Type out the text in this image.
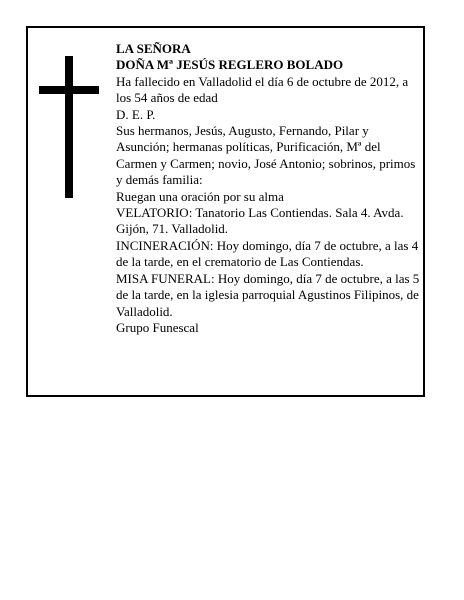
LA SEÑORA
DOÑA Mª JESÚS REGLERO BOLADO
Ha fallecido en Valladolid el día 6 de octubre de 2012, a los 54 años de edad
D. E. P.
Sus hermanos, Jesús, Augusto, Fernando, Pilar y Asunción; hermanas políticas, Purificación, Mª del Carmen y Carmen; novio, José Antonio; sobrinos, primos y demás familia:
Ruegan una oración por su alma
VELATORIO: Tanatorio Las Contiendas. Sala 4. Avda. Gijón, 71. Valladolid.
INCINERACIÓN: Hoy domingo, día 7 de octubre, a las 4 de la tarde, en el crematorio de Las Contiendas.
MISA FUNERAL: Hoy domingo, día 7 de octubre, a las 5 de la tarde, en la iglesia parroquial Agustinos Filipinos, de Valladolid.
Grupo Funescal
